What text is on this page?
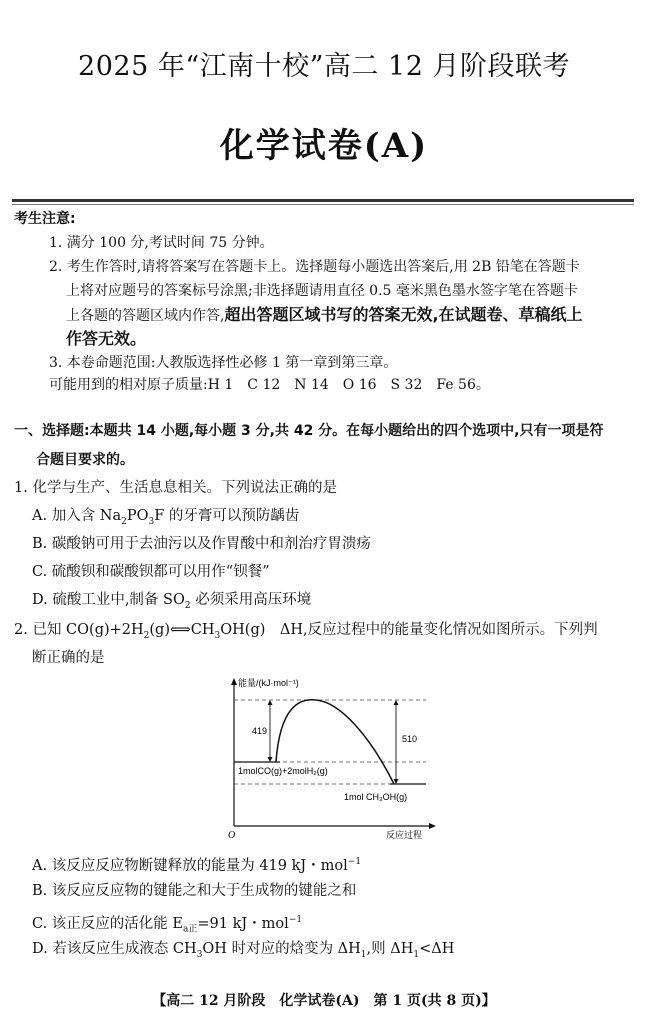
2025 年“江南十校”高二 12 月阶段联考
化学试卷(A)
考生注意:
1. 满分 100 分,考试时间 75 分钟。
2. 考生作答时,请将答案写在答题卡上。选择题每小题选出答案后,用 2B 铅笔在答题卡
上将对应题号的答案标号涂黑;非选择题请用直径 0.5 毫米黑色墨水签字笔在答题卡
上各题的答题区域内作答,超出答题区域书写的答案无效,在试题卷、草稿纸上
作答无效。
3. 本卷命题范围:人教版选择性必修 1 第一章到第三章。
可能用到的相对原子质量:H 1　C 12　N 14　O 16　S 32　Fe 56。
一、选择题:本题共 14 小题,每小题 3 分,共 42 分。在每小题给出的四个选项中,只有一项是符
合题目要求的。
1. 化学与生产、生活息息相关。下列说法正确的是
A. 加入含 $Na_2PO_3F$ 的牙膏可以预防龋齿
B. 碳酸钠可用于去油污以及作胃酸中和剂治疗胃溃疡
C. 硫酸钡和碳酸钡都可以用作“钡餐”
D. 硫酸工业中,制备 $SO_2$ 必须采用高压环境
2. 已知 $CO(g)+2H_2(g)⟺CH_3OH(g)$　ΔH,反应过程中的能量变化情况如图所示。下列判
断正确的是
能量/(kJ·mol⁻¹)
419
510
1molCO(g)+2molH₂(g)
1mol CH₃OH(g)
O	反应过程
A. 该反应反应物断键释放的能量为 419 kJ・mol$^{-1}$
B. 该反应反应物的键能之和大于生成物的键能之和
C. 该正反应的活化能 $E_{a正}=91$ kJ・mol$^{-1}$
D. 若该反应生成液态 $CH_3OH$ 时对应的焓变为 $\Delta H_1$,则 $\Delta H_1<\Delta H$
【高二 12 月阶段　化学试卷(A)　第 1 页(共 8 页)】
